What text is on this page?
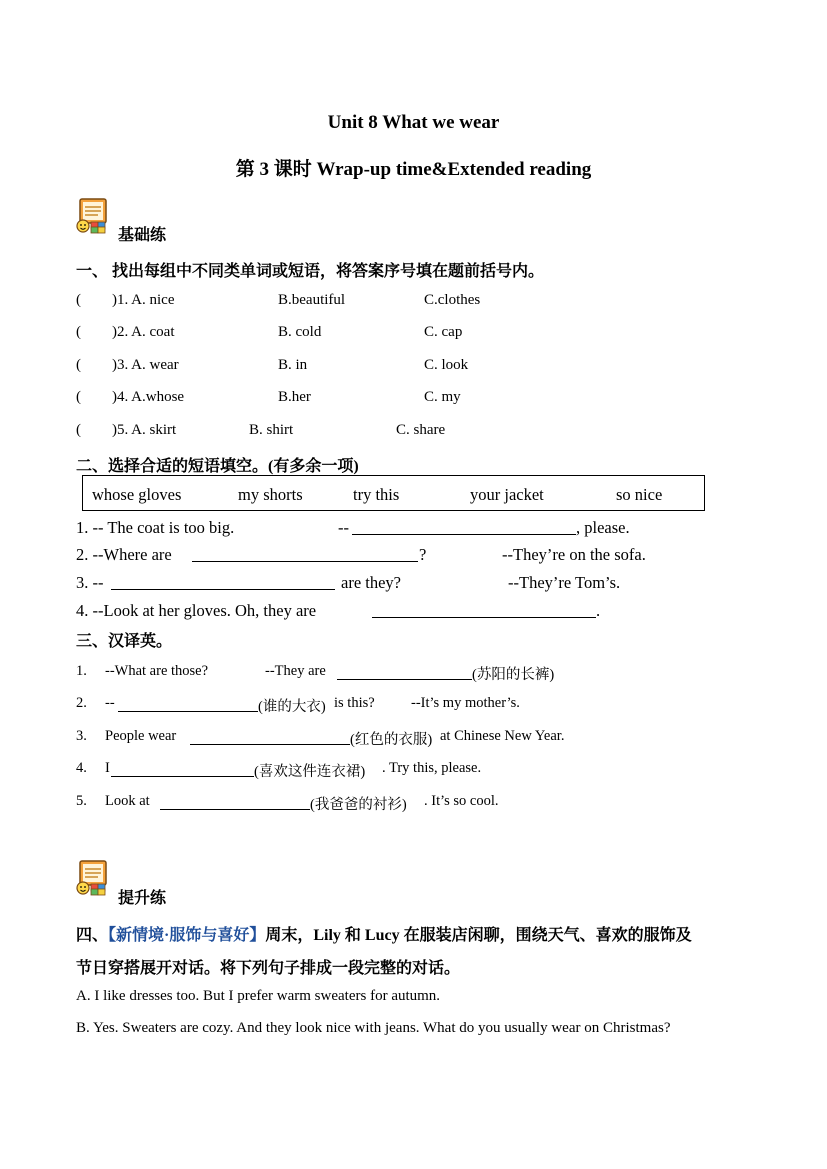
Unit 8 What we wear
第 3 课时 Wrap-up time&Extended reading
基础练
一、 找出每组中不同类单词或短语，将答案序号填在题前括号内。
( )1. A. nice	B.beautiful	C.clothes
( )2. A. coat	B. cold	C. cap
( )3. A. wear	B. in	C. look
( )4. A.whose	B.her	C. my
( )5. A. skirt	B. shirt	C. share
二、选择合适的短语填空。(有多余一项)
whose gloves	my shorts	try this	your jacket	so nice
1. -- The coat is too big.	--	, please.
2. --Where are	?	--They’re on the sofa.
3. --	are they?	--They’re Tom’s.
4. --Look at her gloves. Oh, they are	.
三、汉译英。
1. --What are those?	--They are	(苏阳的长裤)
2. --	(谁的大衣) is this?	--It’s my mother’s.
3. People wear	(红色的衣服) at Chinese New Year.
4. I	(喜欢这件连衣裙) . Try this, please.
5. Look at	(我爸爸的衬衫) . It’s so cool.
提升练
四、【新情境·服饰与喜好】周末，Lily 和 Lucy 在服装店闲聊，围绕天气、喜欢的服饰及
节日穿搭展开对话。将下列句子排成一段完整的对话。
A. I like dresses too. But I prefer warm sweaters for autumn.
B. Yes. Sweaters are cozy. And they look nice with jeans. What do you usually wear on Christmas?
